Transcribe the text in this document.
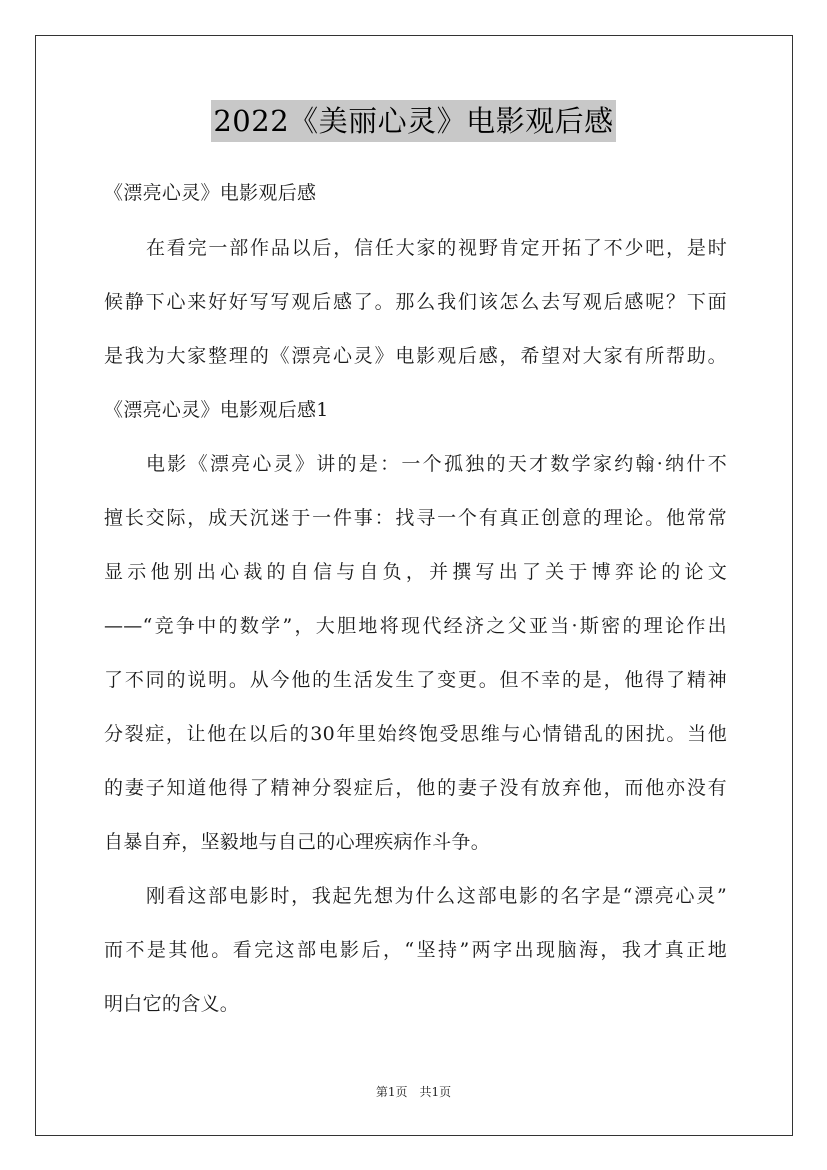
2022《美丽心灵》电影观后感
《漂亮心灵》电影观后感
在看完一部作品以后，信任大家的视野肯定开拓了不少吧，是时
候静下心来好好写写观后感了。那么我们该怎么去写观后感呢？下面
是我为大家整理的《漂亮心灵》电影观后感，希望对大家有所帮助。
《漂亮心灵》电影观后感1
电影《漂亮心灵》讲的是：一个孤独的天才数学家约翰·纳什不
擅长交际，成天沉迷于一件事：找寻一个有真正创意的理论。他常常
显示他别出心裁的自信与自负，并撰写出了关于博弈论的论文
——“竞争中的数学”，大胆地将现代经济之父亚当·斯密的理论作出
了不同的说明。从今他的生活发生了变更。但不幸的是，他得了精神
分裂症，让他在以后的30年里始终饱受思维与心情错乱的困扰。当他
的妻子知道他得了精神分裂症后，他的妻子没有放弃他，而他亦没有
自暴自弃，坚毅地与自己的心理疾病作斗争。
刚看这部电影时，我起先想为什么这部电影的名字是“漂亮心灵”
而不是其他。看完这部电影后，“坚持”两字出现脑海，我才真正地
明白它的含义。
第1页　共1页
